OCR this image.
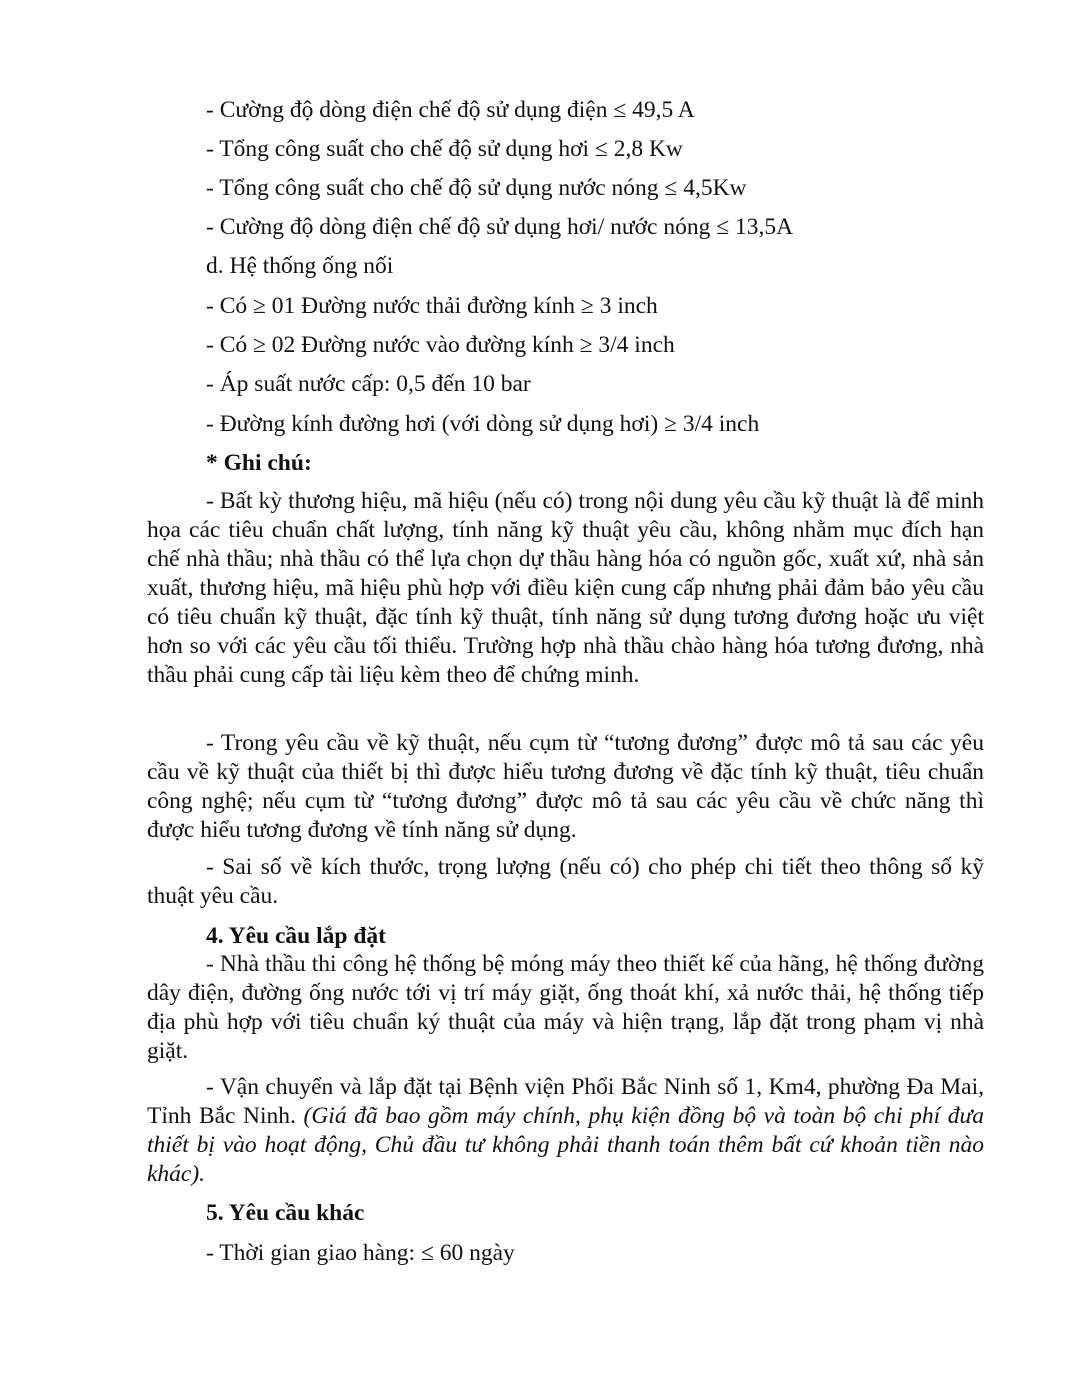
- Cường độ dòng điện chế độ sử dụng điện ≤ 49,5 A
- Tổng công suất cho chế độ sử dụng hơi ≤ 2,8 Kw
- Tổng công suất cho chế độ sử dụng nước nóng ≤ 4,5Kw
- Cường độ dòng điện chế độ sử dụng hơi/ nước nóng ≤ 13,5A
d. Hệ thống ống nối
- Có ≥ 01 Đường nước thải đường kính ≥ 3 inch
- Có ≥ 02 Đường nước vào đường kính ≥ 3/4 inch
- Áp suất nước cấp: 0,5 đến 10 bar
- Đường kính đường hơi (với dòng sử dụng hơi) ≥ 3/4 inch
* Ghi chú:

- Bất kỳ thương hiệu, mã hiệu (nếu có) trong nội dung yêu cầu kỹ thuật là để minh họa các tiêu chuẩn chất lượng, tính năng kỹ thuật yêu cầu, không nhằm mục đích hạn chế nhà thầu; nhà thầu có thể lựa chọn dự thầu hàng hóa có nguồn gốc, xuất xứ, nhà sản xuất, thương hiệu, mã hiệu phù hợp với điều kiện cung cấp nhưng phải đảm bảo yêu cầu có tiêu chuẩn kỹ thuật, đặc tính kỹ thuật, tính năng sử dụng tương đương hoặc ưu việt hơn so với các yêu cầu tối thiểu. Trường hợp nhà thầu chào hàng hóa tương đương, nhà thầu phải cung cấp tài liệu kèm theo để chứng minh.

- Trong yêu cầu về kỹ thuật, nếu cụm từ “tương đương” được mô tả sau các yêu cầu về kỹ thuật của thiết bị thì được hiểu tương đương về đặc tính kỹ thuật, tiêu chuẩn công nghệ; nếu cụm từ “tương đương” được mô tả sau các yêu cầu về chức năng thì được hiểu tương đương về tính năng sử dụng.

- Sai số về kích thước, trọng lượng (nếu có) cho phép chi tiết theo thông số kỹ thuật yêu cầu.

4. Yêu cầu lắp đặt

- Nhà thầu thi công hệ thống bệ móng máy theo thiết kế của hãng, hệ thống đường dây điện, đường ống nước tới vị trí máy giặt, ống thoát khí, xả nước thải, hệ thống tiếp địa phù hợp với tiêu chuẩn ký thuật của máy và hiện trạng, lắp đặt trong phạm vị nhà giặt.

- Vận chuyển và lắp đặt tại Bệnh viện Phổi Bắc Ninh số 1, Km4, phường Đa Mai, Tỉnh Bắc Ninh. (Giá đã bao gồm máy chính, phụ kiện đồng bộ và toàn bộ chi phí đưa thiết bị vào hoạt động, Chủ đầu tư không phải thanh toán thêm bất cứ khoản tiền nào khác).

5. Yêu cầu khác
- Thời gian giao hàng: ≤ 60 ngày
